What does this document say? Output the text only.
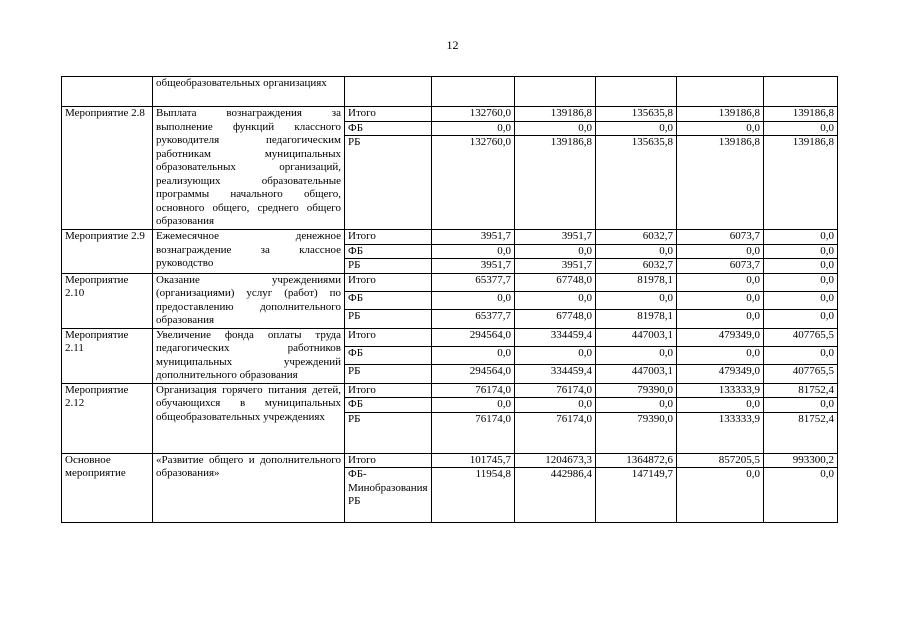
12
	общеобразовательных организациях						
Мероприятие 2.8	Выплата вознаграждения за выполнение функций классного руководителя педагогическим работникам муниципальных образовательных организаций, реализующих образовательные программы начального общего, основного общего, среднего общего образования	Итого	132760,0	139186,8	135635,8	139186,8	139186,8
		ФБ	0,0	0,0	0,0	0,0	0,0
		РБ	132760,0	139186,8	135635,8	139186,8	139186,8
Мероприятие 2.9	Ежемесячное денежное вознаграждение за классное руководство	Итого	3951,7	3951,7	6032,7	6073,7	0,0
		ФБ	0,0	0,0	0,0	0,0	0,0
		РБ	3951,7	3951,7	6032,7	6073,7	0,0
Мероприятие 2.10	Оказание учреждениями (организациями) услуг (работ) по предоставлению дополнительного образования	Итого	65377,7	67748,0	81978,1	0,0	0,0
		ФБ	0,0	0,0	0,0	0,0	0,0
		РБ	65377,7	67748,0	81978,1	0,0	0,0
Мероприятие 2.11	Увеличение фонда оплаты труда педагогических работников муниципальных учреждений дополнительного образования	Итого	294564,0	334459,4	447003,1	479349,0	407765,5
		ФБ	0,0	0,0	0,0	0,0	0,0
		РБ	294564,0	334459,4	447003,1	479349,0	407765,5
Мероприятие 2.12	Организация горячего питания детей, обучающихся в муниципальных общеобразовательных учреждениях	Итого	76174,0	76174,0	79390,0	133333,9	81752,4
		ФБ	0,0	0,0	0,0	0,0	0,0
		РБ	76174,0	76174,0	79390,0	133333,9	81752,4
Основное мероприятие	«Развитие общего и дополнительного образования»	Итого	101745,7	1204673,3	1364872,6	857205,5	993300,2
		ФБ-Минобразования РБ	11954,8	442986,4	147149,7	0,0	0,0
